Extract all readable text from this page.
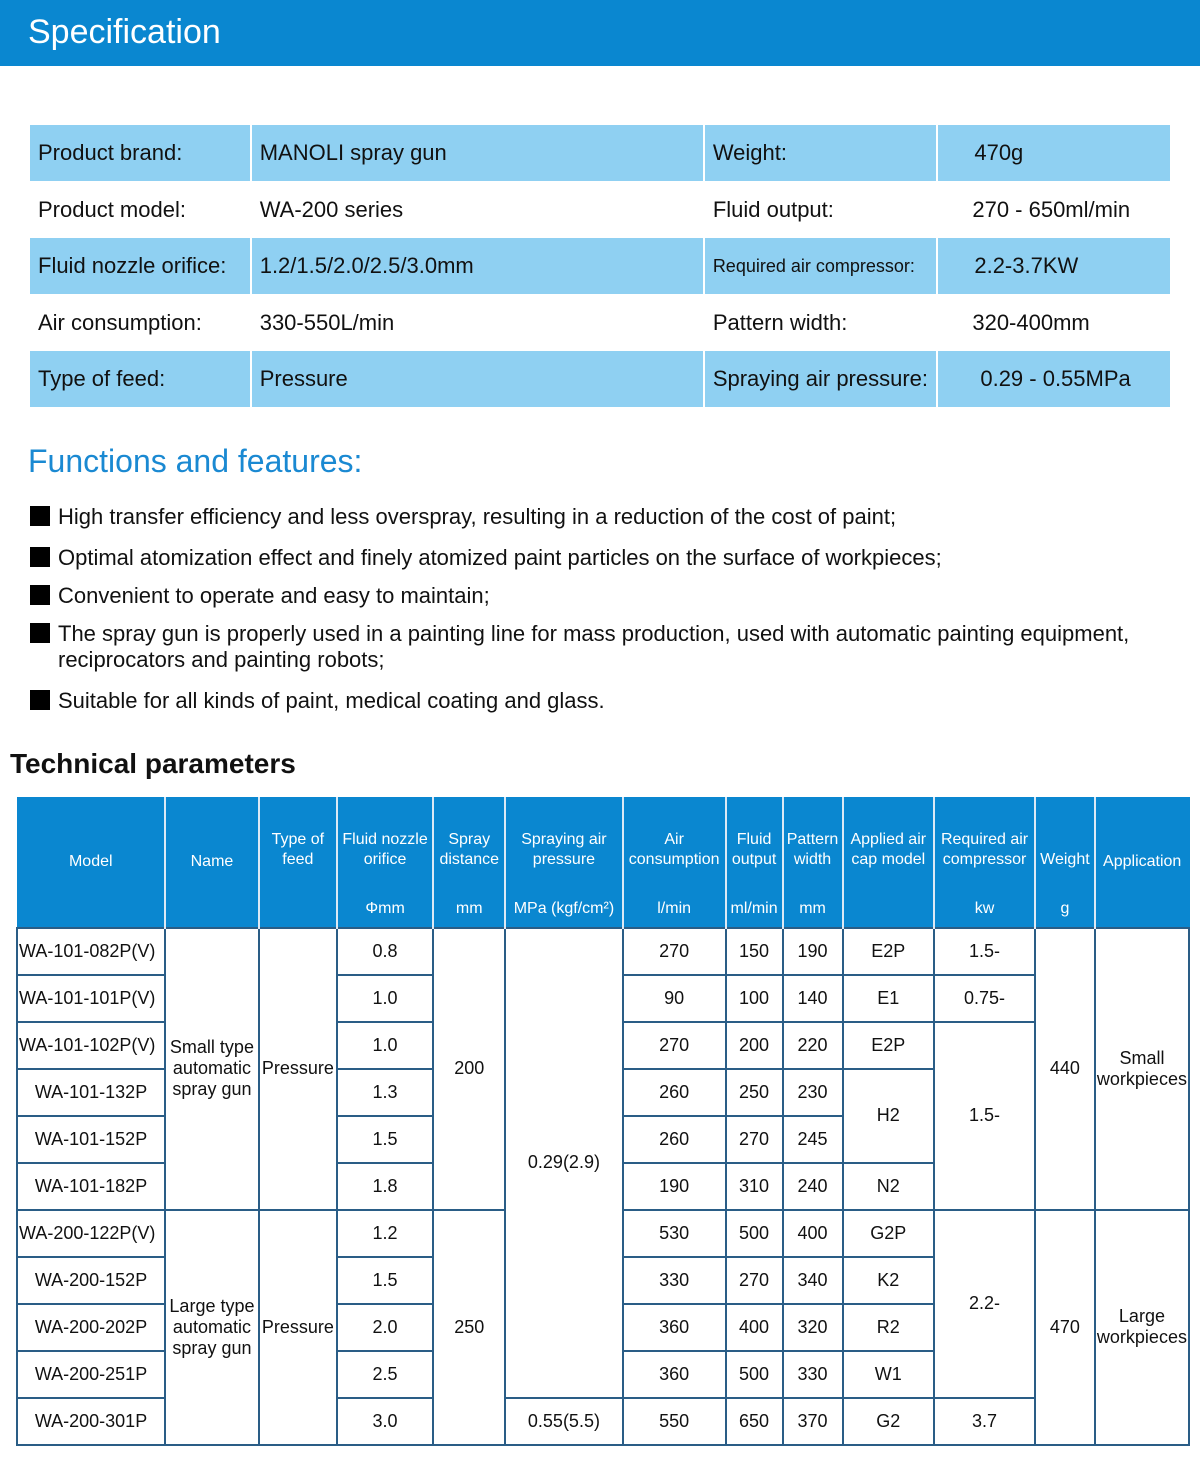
Specification
Product brand:	MANOLI spray gun	Weight:	470g
Product model:	WA-200 series	Fluid output:	270 - 650ml/min
Fluid nozzle orifice:	1.2/1.5/2.0/2.5/3.0mm	Required air compressor:	2.2-3.7KW
Air consumption:	330-550L/min	Pattern width:	320-400mm
Type of feed:	Pressure	Spraying air pressure:	0.29 - 0.55MPa
Functions and features:
High transfer efficiency and less overspray, resulting in a reduction of the cost of paint;
Optimal atomization effect and finely atomized paint particles on the surface of workpieces;
Convenient to operate and easy to maintain;
The spray gun is properly used in a painting line for mass production, used with automatic painting equipment, reciprocators and painting robots;
Suitable for all kinds of paint, medical coating and glass.
Technical parameters
Model	Name	Type of feed	Fluid nozzle orifice	Spray distance	Spraying air pressure	Air consumption	Fluid output	Pattern width	Applied air cap model	Required air compressor	Weight	Application
			Φmm	mm	MPa (kgf/cm²)	l/min	ml/min	mm		kw	g	
WA-101-082P(V)	Small type automatic spray gun	Pressure	0.8	200	0.29(2.9)	270	150	190	E2P	1.5-	440	Small workpieces
WA-101-101P(V)			1.0			90	100	140	E1	0.75-		
WA-101-102P(V)			1.0			270	200	220	E2P	1.5-		
WA-101-132P			1.3			260	250	230	H2			
WA-101-152P			1.5			260	270	245				
WA-101-182P			1.8			190	310	240	N2			
WA-200-122P(V)	Large type automatic spray gun	Pressure	1.2	250		530	500	400	G2P	2.2-	470	Large workpieces
WA-200-152P			1.5			330	270	340	K2			
WA-200-202P			2.0			360	400	320	R2			
WA-200-251P			2.5			360	500	330	W1			
WA-200-301P			3.0		0.55(5.5)	550	650	370	G2	3.7		
